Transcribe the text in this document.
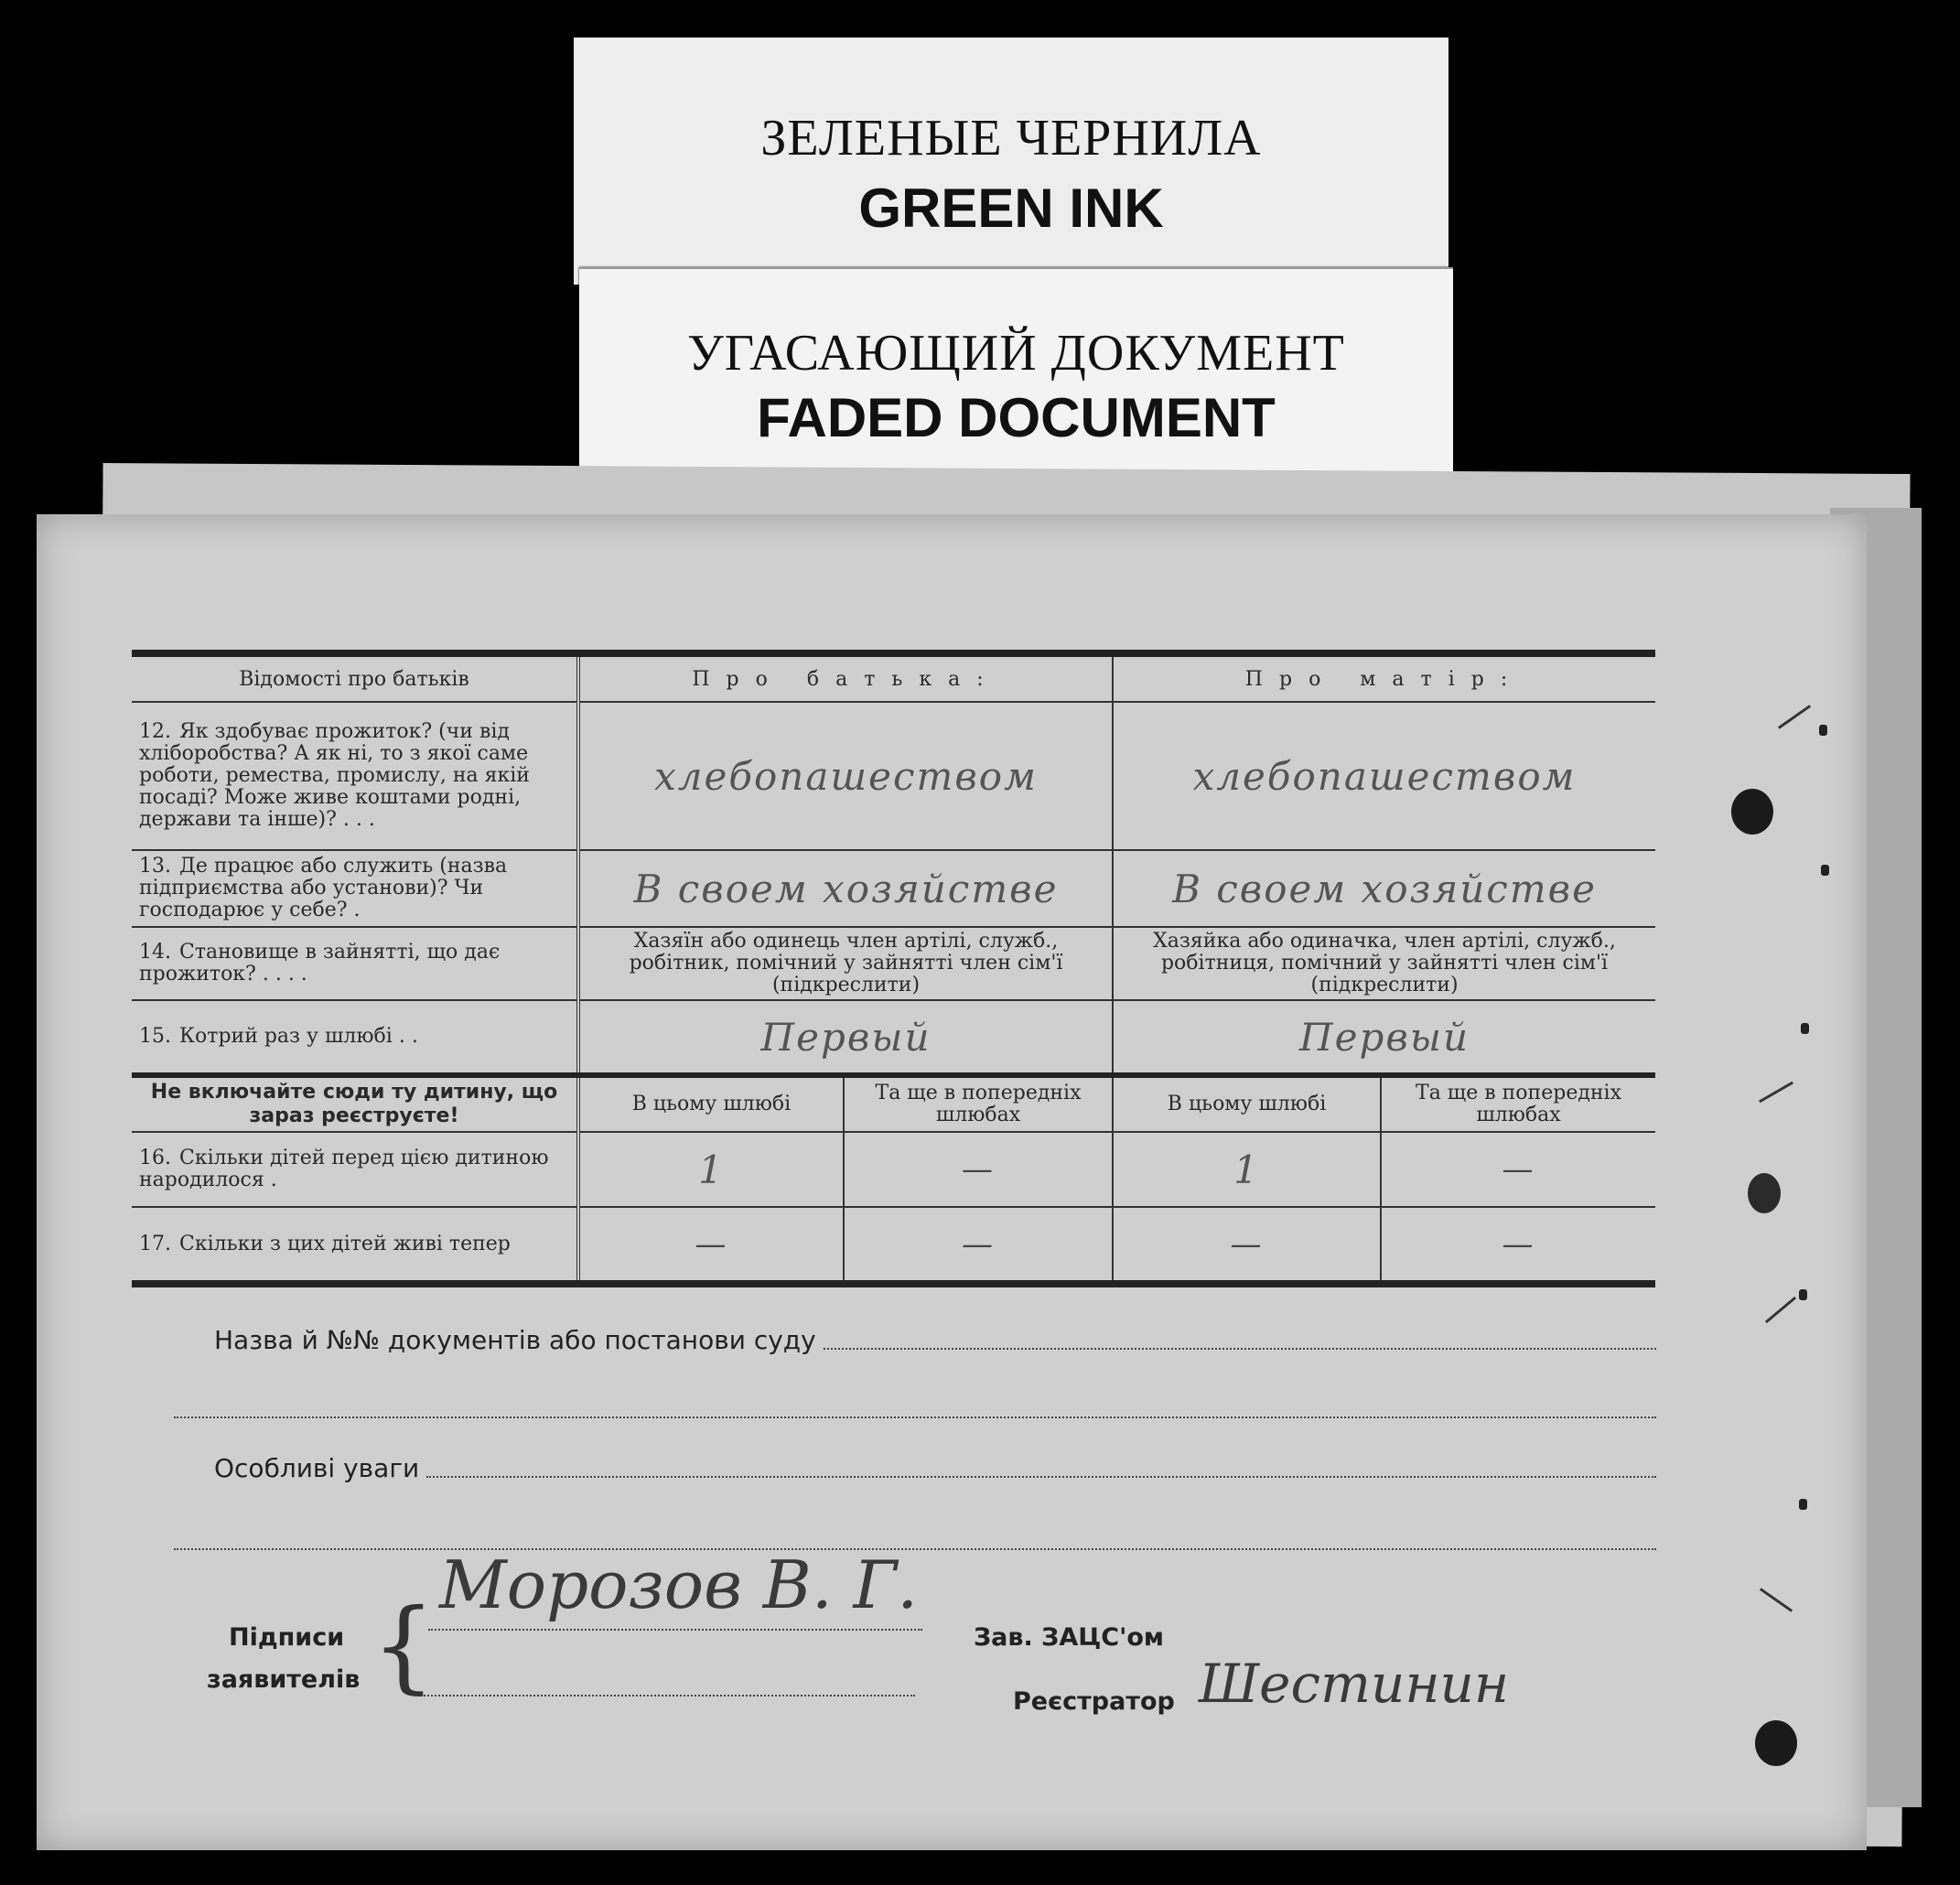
ЗЕЛЕНЫЕ ЧЕРНИЛА
GREEN INK
УГАСАЮЩИЙ ДОКУМЕНТ
FADED DOCUMENT
Відомості про батьків	Про батька:		Про матір:	
12. Як здобуває прожиток? (чи від хліборобства? А як ні, то з якої саме роботи, ремества, промислу, на якій посаді? Може живе коштами родні, держави та інше)? . . .	хлебопашеством		хлебопашеством	
13. Де працює або служить (назва підприємства або установи)? Чи господарює у себе? .	В своем хозяйстве		В своем хозяйстве	
14. Становище в зайнятті, що дає прожиток? . . . .	Хазяїн або одинець член артілі, служб., робітник, помічний у зайнятті член сім'ї (підкреслити)		Хазяйка або одиначка, член артілі, служб., робітниця, помічний у зайнятті член сім'ї (підкреслити)	
15. Котрий раз у шлюбі . .	Первый		Первый	
Не включайте сюди ту дитину, що зараз реєструєте!	В цьому шлюбі	Та ще в попередніх шлюбах	В цьому шлюбі	Та ще в попередніх шлюбах
16. Скільки дітей перед цією дитиною народилося .	1	—	1	—
17. Скільки з цих дітей живі тепер	—	—	—	—
Назва й №№ документів або постанови суду
Особливі уваги
Підписи
заявителів {
Морозов В. Г.
Зав. ЗАЦС'ом
Реєстратор Шестинин
